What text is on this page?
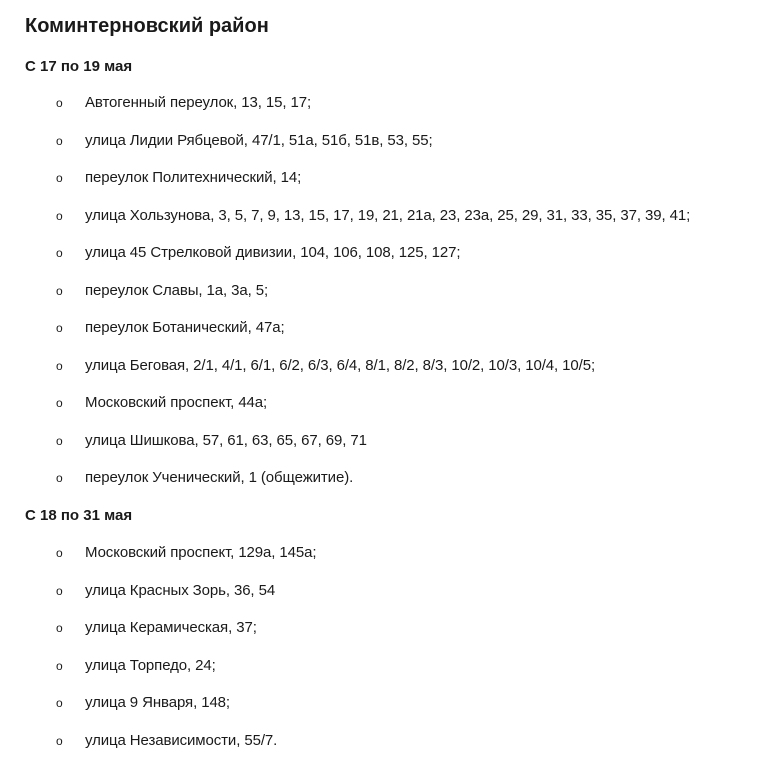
Коминтерновский район
С 17 по 19 мая
o Автогенный переулок, 13, 15, 17;
o улица Лидии Рябцевой, 47/1, 51а, 51б, 51в, 53, 55;
o переулок Политехнический, 14;
o улица Хользунова, 3, 5, 7, 9, 13, 15, 17, 19, 21, 21а, 23, 23а, 25, 29, 31, 33, 35, 37, 39, 41;
o улица 45 Стрелковой дивизии, 104, 106, 108, 125, 127;
o переулок Славы, 1а, 3а, 5;
o переулок Ботанический, 47а;
o улица Беговая, 2/1, 4/1, 6/1, 6/2, 6/3, 6/4, 8/1, 8/2, 8/3, 10/2, 10/3, 10/4, 10/5;
o Московский проспект, 44а;
o улица Шишкова, 57, 61, 63, 65, 67, 69, 71
o переулок Ученический, 1 (общежитие).
С 18 по 31 мая
o Московский проспект, 129а, 145а;
o улица Красных Зорь, 36, 54
o улица Керамическая, 37;
o улица Торпедо, 24;
o улица 9 Января, 148;
o улица Независимости, 55/7.
